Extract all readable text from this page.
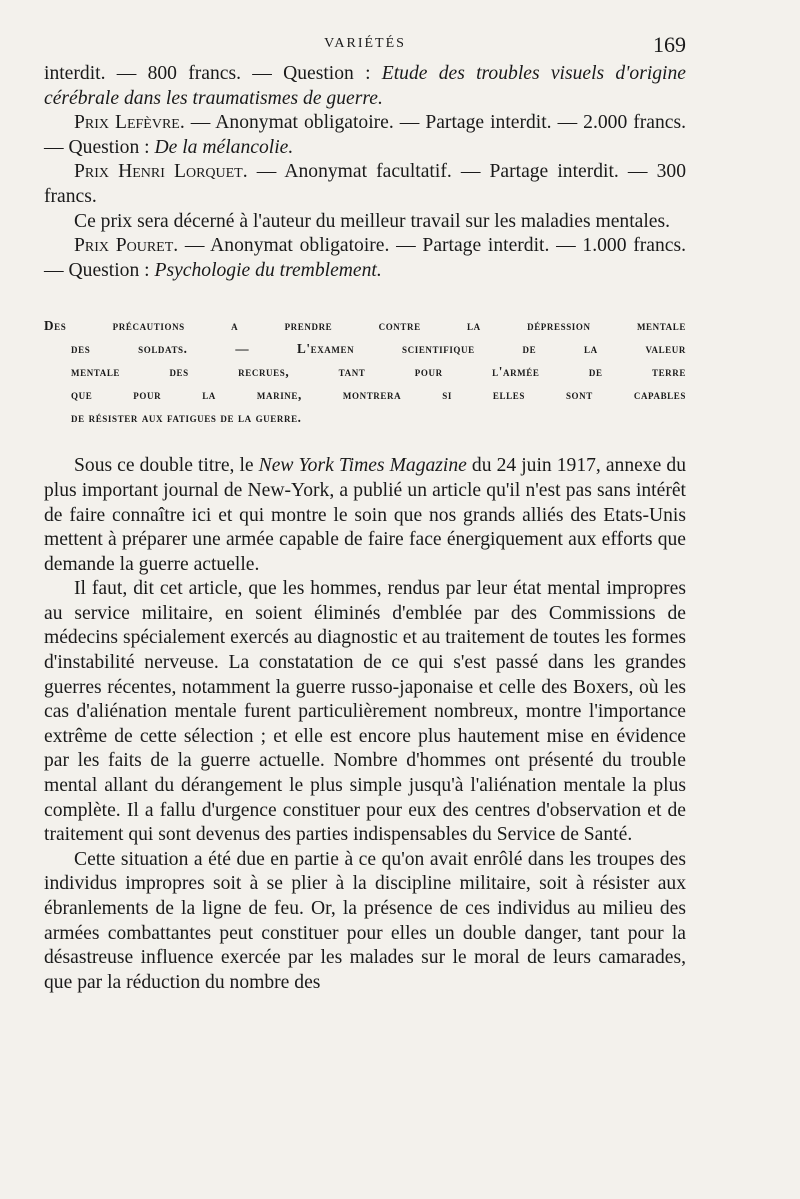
VARIÉTÉS	169

interdit. — 800 francs. — Question : Etude des troubles visuels d'origine cérébrale dans les traumatismes de guerre.

Prix Lefèvre. — Anonymat obligatoire. — Partage interdit. — 2.000 francs. — Question : De la mélancolie.

Prix Henri Lorquet. — Anonymat facultatif. — Partage interdit. — 300 francs.

Ce prix sera décerné à l'auteur du meilleur travail sur les maladies mentales.

Prix Pouret. — Anonymat obligatoire. — Partage interdit. — 1.000 francs. — Question : Psychologie du tremblement.

Des précautions a prendre contre la dépression mentale
des soldats. — L'examen scientifique de la valeur
mentale des recrues, tant pour l'armée de terre
que pour la marine, montrera si elles sont capables
de résister aux fatigues de la guerre.

Sous ce double titre, le New York Times Magazine du 24 juin 1917, annexe du plus important journal de New-York, a publié un article qu'il n'est pas sans intérêt de faire connaître ici et qui montre le soin que nos grands alliés des Etats-Unis mettent à préparer une armée capable de faire face énergiquement aux efforts que demande la guerre actuelle.

Il faut, dit cet article, que les hommes, rendus par leur état mental impropres au service militaire, en soient éliminés d'emblée par des Commissions de médecins spécialement exercés au diagnostic et au traitement de toutes les formes d'instabilité nerveuse. La constatation de ce qui s'est passé dans les grandes guerres récentes, notamment la guerre russo-japonaise et celle des Boxers, où les cas d'aliénation mentale furent particulièrement nombreux, montre l'importance extrême de cette sélection ; et elle est encore plus hautement mise en évidence par les faits de la guerre actuelle. Nombre d'hommes ont présenté du trouble mental allant du dérangement le plus simple jusqu'à l'aliénation mentale la plus complète. Il a fallu d'urgence constituer pour eux des centres d'observation et de traitement qui sont devenus des parties indispensables du Service de Santé.

Cette situation a été due en partie à ce qu'on avait enrôlé dans les troupes des individus impropres soit à se plier à la discipline militaire, soit à résister aux ébranlements de la ligne de feu. Or, la présence de ces individus au milieu des armées combattantes peut constituer pour elles un double danger, tant pour la désastreuse influence exercée par les malades sur le moral de leurs camarades, que par la réduction du nombre des
